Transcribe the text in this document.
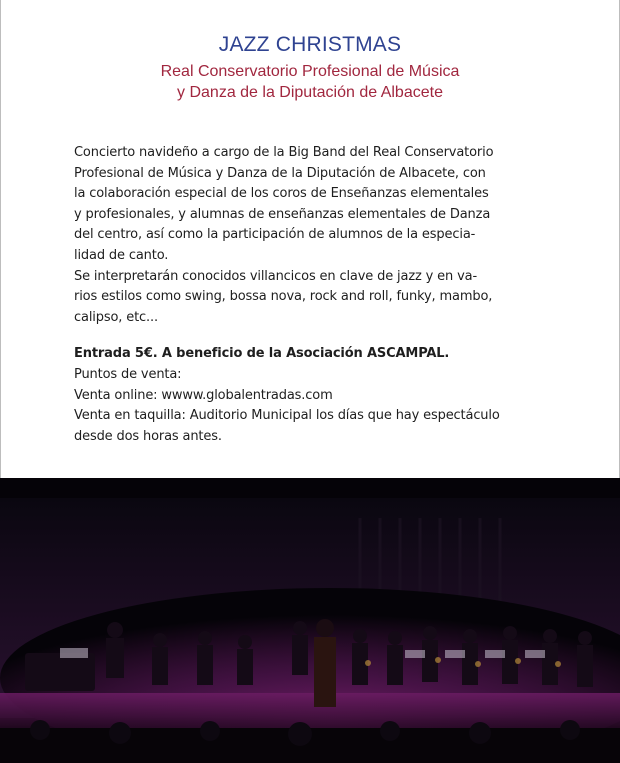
JAZZ CHRISTMAS
Real Conservatorio Profesional de Música
y Danza de la Diputación de Albacete
Concierto navideño a cargo de la Big Band del Real Conservatorio
Profesional de Música y Danza de la Diputación de Albacete, con
la colaboración especial de los coros de Enseñanzas elementales
y profesionales, y alumnas de enseñanzas elementales de Danza
del centro, así como la participación de alumnos de la especia-
lidad de canto.
Se interpretarán conocidos villancicos en clave de jazz y en va-
rios estilos como swing, bossa nova, rock and roll, funky, mambo,
calipso, etc...
Entrada 5€. A beneficio de la Asociación ASCAMPAL.
Puntos de venta:
Venta online: wwww.globalentradas.com
Venta en taquilla: Auditorio Municipal los días que hay espectáculo
desde dos horas antes.
